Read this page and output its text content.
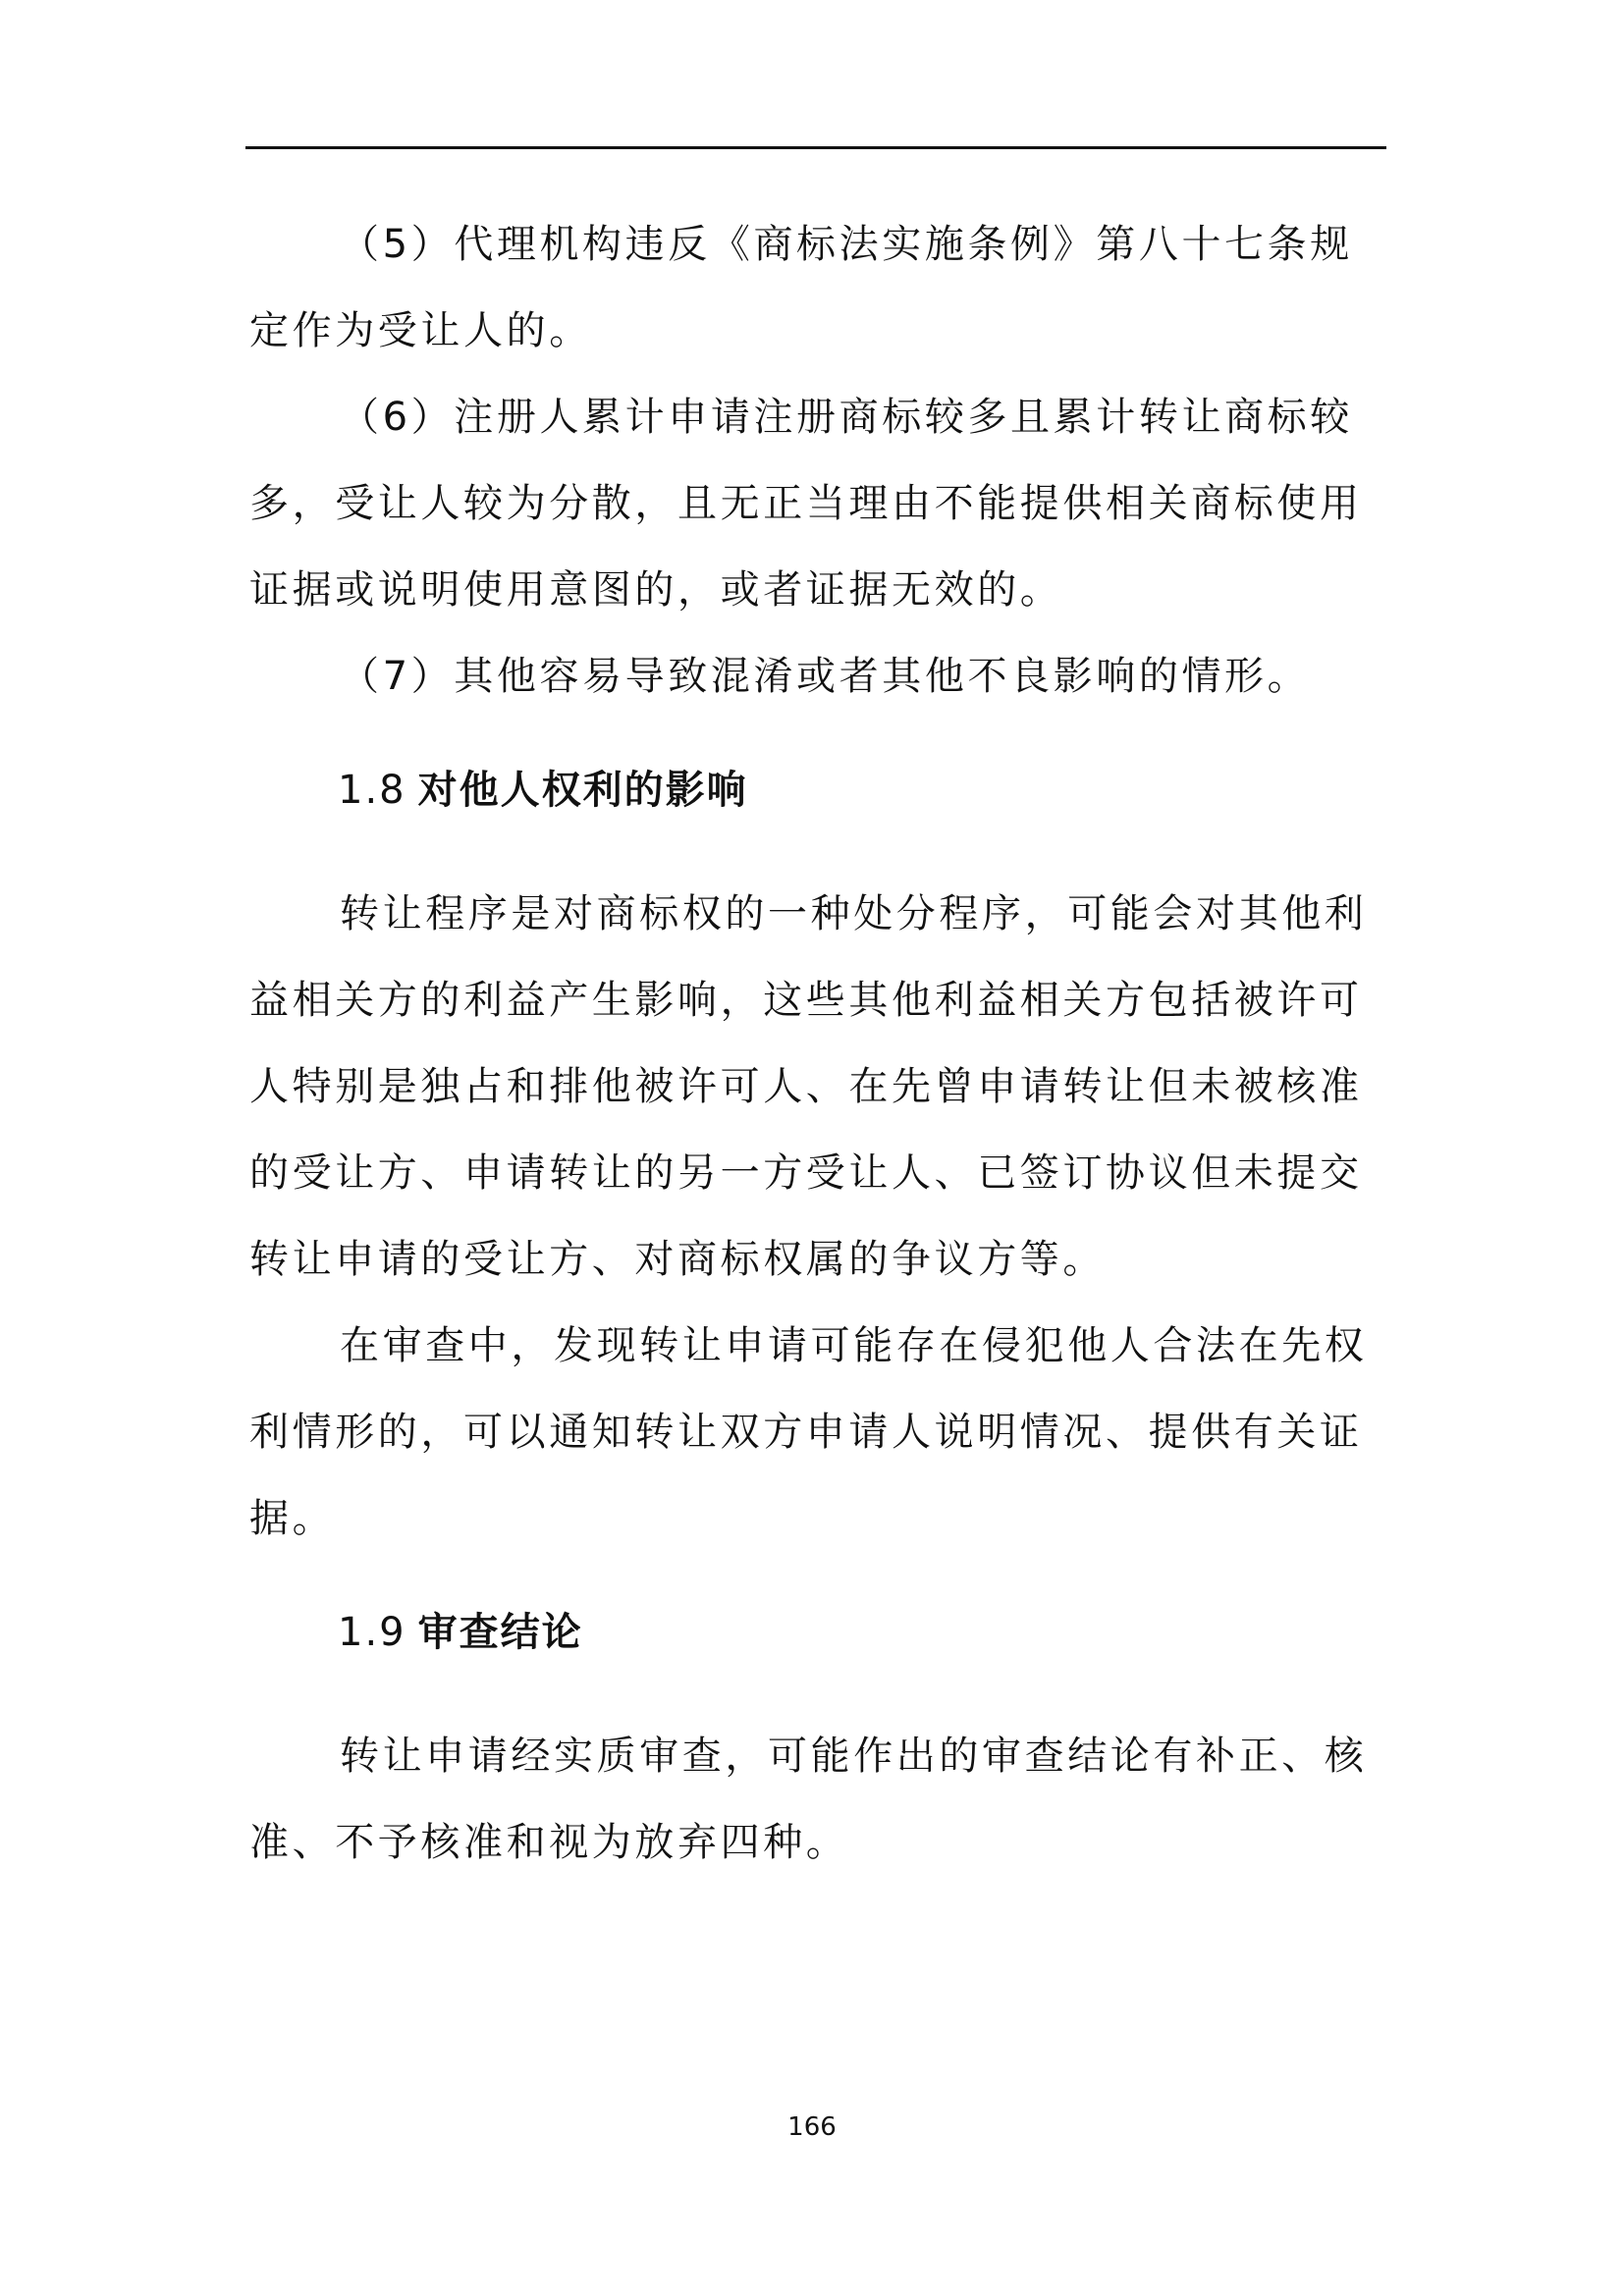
（5）代理机构违反《商标法实施条例》第八十七条规定作为受让人的。

（6）注册人累计申请注册商标较多且累计转让商标较多，受让人较为分散，且无正当理由不能提供相关商标使用证据或说明使用意图的，或者证据无效的。

（7）其他容易导致混淆或者其他不良影响的情形。

1.8 对他人权利的影响

转让程序是对商标权的一种处分程序，可能会对其他利益相关方的利益产生影响，这些其他利益相关方包括被许可人特别是独占和排他被许可人、在先曾申请转让但未被核准的受让方、申请转让的另一方受让人、已签订协议但未提交转让申请的受让方、对商标权属的争议方等。

在审查中，发现转让申请可能存在侵犯他人合法在先权利情形的，可以通知转让双方申请人说明情况、提供有关证据。

1.9 审查结论

转让申请经实质审查，可能作出的审查结论有补正、核准、不予核准和视为放弃四种。

166
